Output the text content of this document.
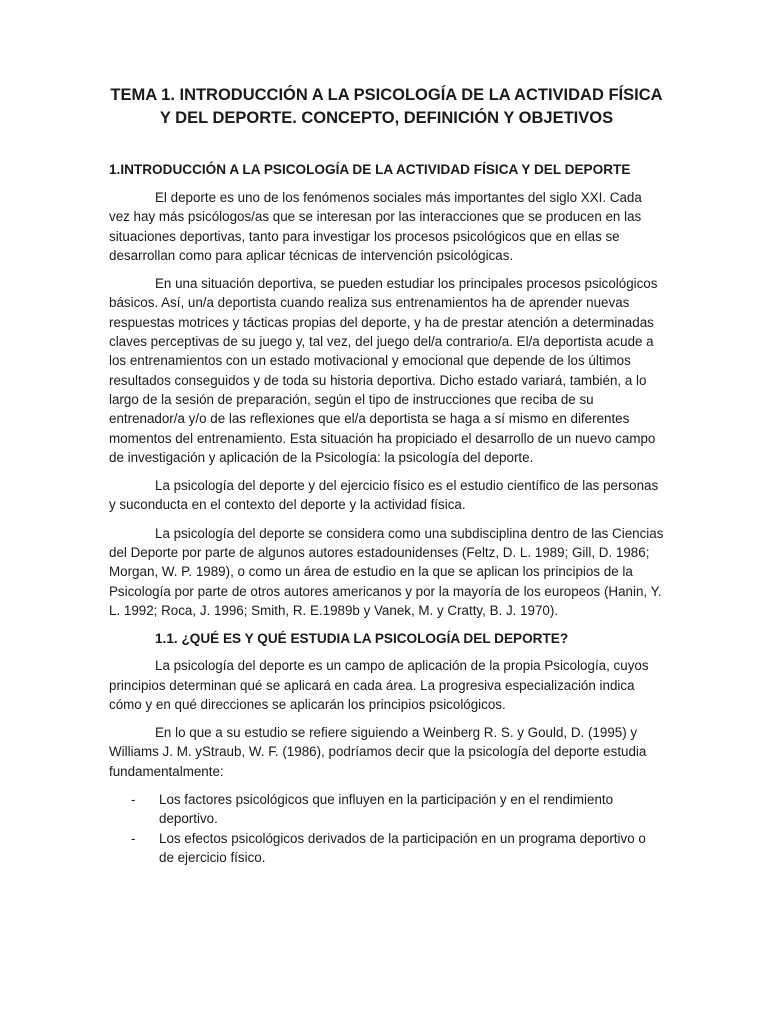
TEMA 1. INTRODUCCIÓN A LA PSICOLOGÍA DE LA ACTIVIDAD FÍSICA Y DEL DEPORTE. CONCEPTO, DEFINICIÓN Y OBJETIVOS
1.INTRODUCCIÓN A LA PSICOLOGÍA DE LA ACTIVIDAD FÍSICA Y DEL DEPORTE

El deporte es uno de los fenómenos sociales más importantes del siglo XXI. Cada vez hay más psicólogos/as que se interesan por las interacciones que se producen en las situaciones deportivas, tanto para investigar los procesos psicológicos que en ellas se desarrollan como para aplicar técnicas de intervención psicológicas.

En una situación deportiva, se pueden estudiar los principales procesos psicológicos básicos. Así, un/a deportista cuando realiza sus entrenamientos ha de aprender nuevas respuestas motrices y tácticas propias del deporte, y ha de prestar atención a determinadas claves perceptivas de su juego y, tal vez, del juego del/a contrario/a. El/a deportista acude a los entrenamientos con un estado motivacional y emocional que depende de los últimos resultados conseguidos y de toda su historia deportiva. Dicho estado variará, también, a lo largo de la sesión de preparación, según el tipo de instrucciones que reciba de su entrenador/a y/o de las reflexiones que el/a deportista se haga a sí mismo en diferentes momentos del entrenamiento. Esta situación ha propiciado el desarrollo de un nuevo campo de investigación y aplicación de la Psicología: la psicología del deporte.

La psicología del deporte y del ejercicio físico es el estudio científico de las personas y suconducta en el contexto del deporte y la actividad física.

La psicología del deporte se considera como una subdisciplina dentro de las Ciencias del Deporte por parte de algunos autores estadounidenses (Feltz, D. L. 1989; Gill, D. 1986; Morgan, W. P. 1989), o como un área de estudio en la que se aplican los principios de la Psicología por parte de otros autores americanos y por la mayoría de los europeos (Hanin, Y. L. 1992; Roca, J. 1996; Smith, R. E.1989b y Vanek, M. y Cratty, B. J. 1970).

1.1. ¿QUÉ ES Y QUÉ ESTUDIA LA PSICOLOGÍA DEL DEPORTE?

La psicología del deporte es un campo de aplicación de la propia Psicología, cuyos principios determinan qué se aplicará en cada área. La progresiva especialización indica cómo y en qué direcciones se aplicarán los principios psicológicos.

En lo que a su estudio se refiere siguiendo a Weinberg R. S. y Gould, D. (1995) y Williams J. M. yStraub, W. F. (1986), podríamos decir que la psicología del deporte estudia fundamentalmente:

- Los factores psicológicos que influyen en la participación y en el rendimiento deportivo.
- Los efectos psicológicos derivados de la participación en un programa deportivo o de ejercicio físico.
